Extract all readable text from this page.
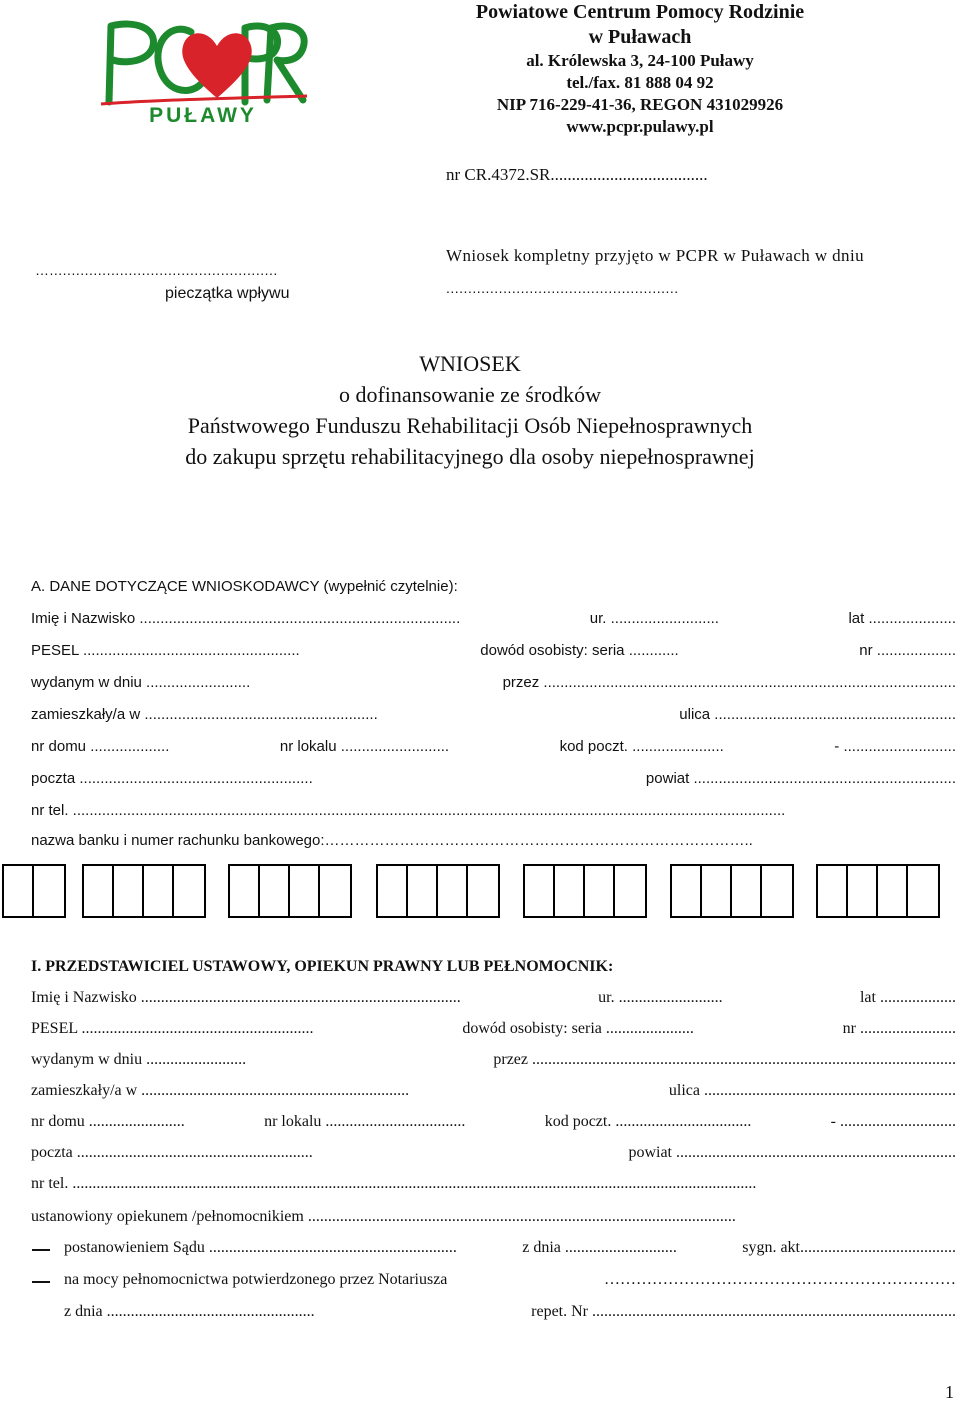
PUŁAWY
Powiatowe Centrum Pomocy Rodzinie
w Puławach
al. Królewska 3, 24-100 Puławy
tel./fax. 81 888 04 92
NIP 716-229-41-36, REGON 431029926
www.pcpr.pulawy.pl
nr CR.4372.SR.....................................
…....................................................
pieczątka wpływu
Wniosek kompletny przyjęto w PCPR w Puławach w dniu
.....................................................
WNIOSEK
o dofinansowanie ze środków
Państwowego Funduszu Rehabilitacji Osób Niepełnosprawnych
do zakupu sprzętu rehabilitacyjnego dla osoby niepełnosprawnej
A. DANE DOTYCZĄCE WNIOSKODAWCY (wypełnić czytelnie):
Imię i Nazwisko .............................................................................	ur. ..........................	lat .....................
PESEL ....................................................	dowód osobisty: seria ............	nr ...................
wydanym w dniu .........................	przez ...................................................................................................
zamieszkały/a w ........................................................	ulica ..........................................................
nr domu ...................	nr lokalu ..........................	kod poczt. ......................	- ...........................
poczta ........................................................	powiat ...............................................................
nr tel. ...........................................................................................................................................................................
nazwa banku i numer rachunku bankowego:…………………………………………………………………………..
I. PRZEDSTAWICIEL USTAWOWY, OPIEKUN PRAWNY LUB PEŁNOMOCNIK:
Imię i Nazwisko ................................................................................	ur. ..........................	lat ...................
PESEL ..........................................................	dowód osobisty: seria ......................	nr ........................
wydanym w dniu .........................	przez ..........................................................................................................
zamieszkały/a w ...................................................................	ulica ...............................................................
nr domu ........................	nr lokalu ...................................	kod poczt. ..................................	- .............................
poczta ...........................................................	powiat ......................................................................
nr tel. ...........................................................................................................................................................................
ustanowiony opiekunem /pełnomocnikiem ...........................................................................................................
postanowieniem Sądu ..............................................................	z dnia ............................	sygn. akt.......................................
na mocy pełnomocnictwa potwierdzonego przez Notariusza	…………………………………………………………
z dnia ....................................................	repet. Nr ...........................................................................................
1
